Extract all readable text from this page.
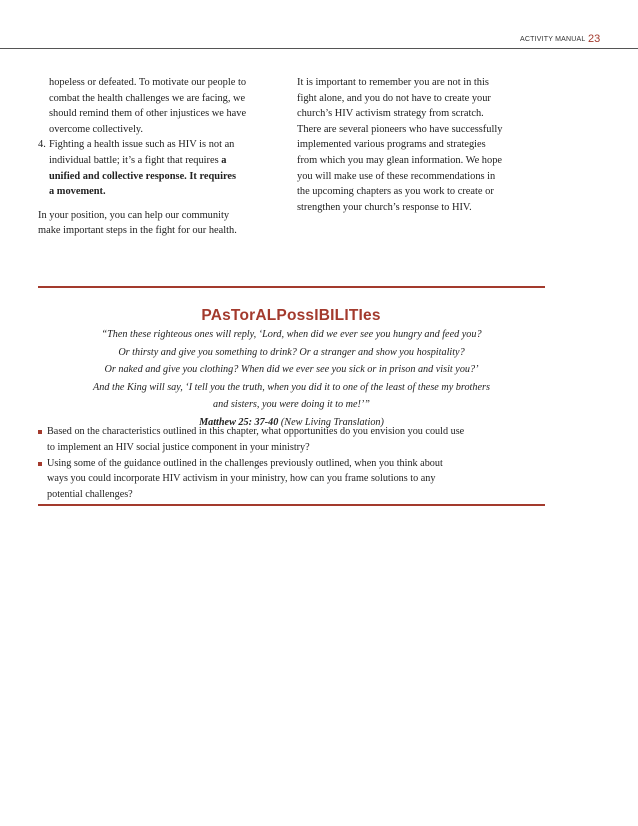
ACTIVITY MANUAL 23
hopeless or defeated. To motivate our people to
combat the health challenges we are facing, we
should remind them of other injustices we have
overcome collectively.
4. Fighting a health issue such as HIV is not an
individual battle; it’s a fight that requires a
unified and collective response. It requires
a movement.
In your position, you can help our community
make important steps in the fight for our health.
It is important to remember you are not in this
fight alone, and you do not have to create your
church’s HIV activism strategy from scratch.
There are several pioneers who have successfully
implemented various programs and strategies
from which you may glean information. We hope
you will make use of these recommendations in
the upcoming chapters as you work to create or
strengthen your church’s response to HIV.
PAsTorALPossIBILITIes
“Then these righteous ones will reply, ‘Lord, when did we ever see you hungry and feed you?
Or thirsty and give you something to drink? Or a stranger and show you hospitality?
Or naked and give you clothing? When did we ever see you sick or in prison and visit you?’
And the King will say, ‘I tell you the truth, when you did it to one of the least of these my brothers
and sisters, you were doing it to me!’”
Matthew 25: 37-40 (New Living Translation)
Based on the characteristics outlined in this chapter, what opportunities do you envision you could use
to implement an HIV social justice component in your ministry?
Using some of the guidance outlined in the challenges previously outlined, when you think about
ways you could incorporate HIV activism in your ministry, how can you frame solutions to any
potential challenges?
